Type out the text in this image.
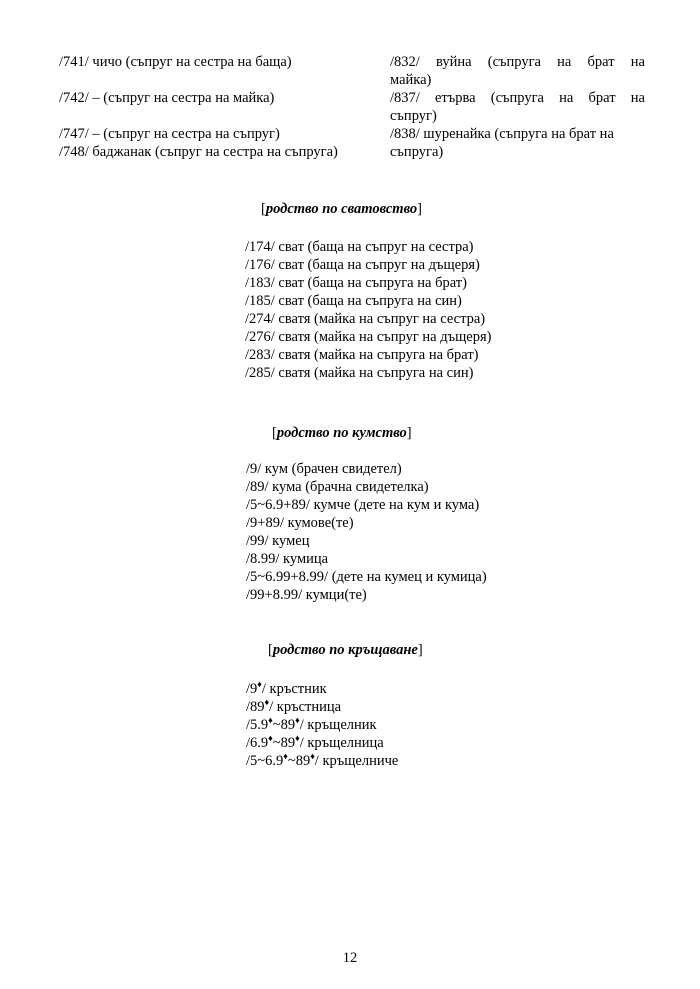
/741/ чичо (съпруг на сестра на баща)
/742/ – (съпруг на сестра на майка)
/747/ – (съпруг на сестра на съпруг)
/748/ баджанак (съпруг на сестра на съпруга)
/832/ вуйна (съпруга на брат на
майка)
/837/ етърва (съпруга на брат на
съпруг)
/838/ шуренайка (съпруга на брат на
съпруга)
[родство по сватовство]
/174/ сват (баща на съпруг на сестра)
/176/ сват (баща на съпруг на дъщеря)
/183/ сват (баща на съпруга на брат)
/185/ сват (баща на съпруга на син)
/274/ сватя (майка на съпруг на сестра)
/276/ сватя (майка на съпруг на дъщеря)
/283/ сватя (майка на съпруга на брат)
/285/ сватя (майка на съпруга на син)
[родство по кумство]
/9/ кум (брачен свидетел)
/89/ кума (брачна свидетелка)
/5~6.9+89/ кумче (дете на кум и кума)
/9+89/ кумове(те)
/99/ кумец
/8.99/ кумица
/5~6.99+8.99/ (дете на кумец и кумица)
/99+8.99/ кумци(те)
[родство по кръщаване]
/9♦/ кръстник
/89♦/ кръстница
/5.9♦~89♦/ кръщелник
/6.9♦~89♦/ кръщелница
/5~6.9♦~89♦/ кръщелниче
12
